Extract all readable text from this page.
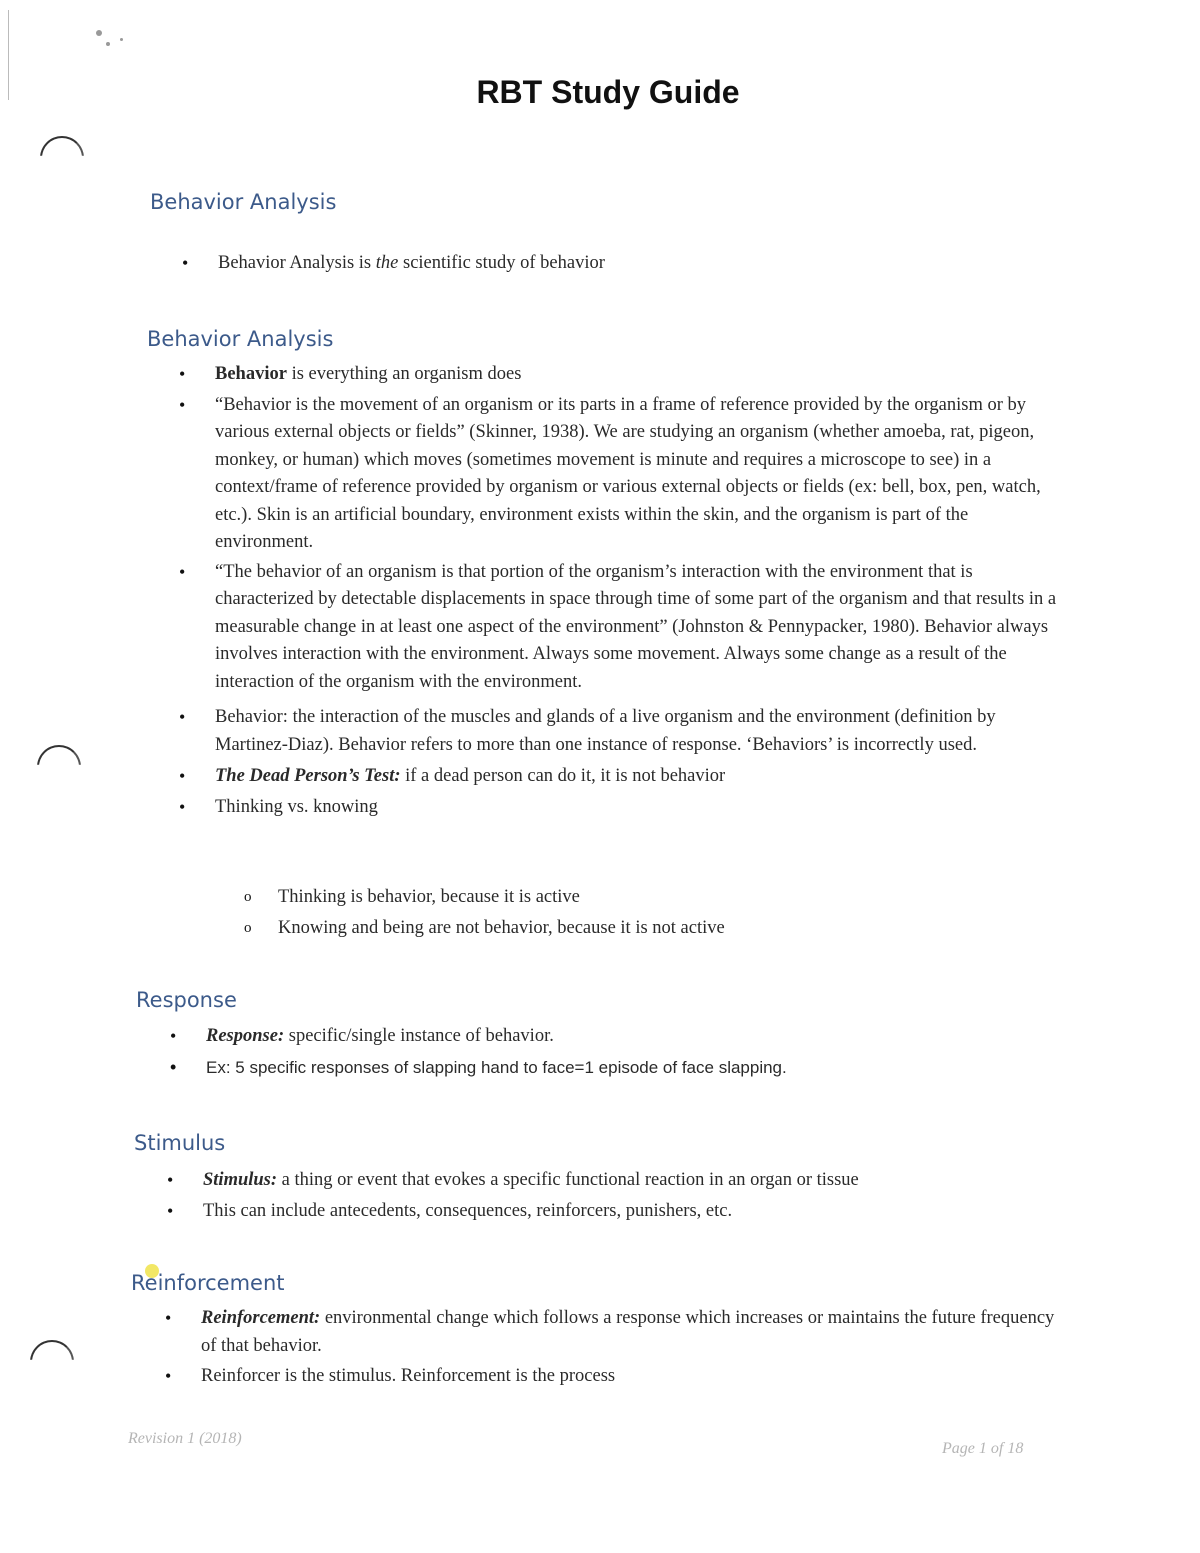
RBT Study Guide
Behavior Analysis
• Behavior Analysis is the scientific study of behavior
Behavior Analysis
• Behavior is everything an organism does
• “Behavior is the movement of an organism or its parts in a frame of reference provided by the organism or by various external objects or fields” (Skinner, 1938). We are studying an organism (whether amoeba, rat, pigeon, monkey, or human) which moves (sometimes movement is minute and requires a microscope to see) in a context/frame of reference provided by organism or various external objects or fields (ex: bell, box, pen, watch, etc.). Skin is an artificial boundary, environment exists within the skin, and the organism is part of the environment.
• “The behavior of an organism is that portion of the organism’s interaction with the environment that is characterized by detectable displacements in space through time of some part of the organism and that results in a measurable change in at least one aspect of the environment” (Johnston & Pennypacker, 1980). Behavior always involves interaction with the environment. Always some movement. Always some change as a result of the interaction of the organism with the environment.
• Behavior: the interaction of the muscles and glands of a live organism and the environment (definition by Martinez-Diaz). Behavior refers to more than one instance of response. ‘Behaviors’ is incorrectly used.
• The Dead Person’s Test: if a dead person can do it, it is not behavior
• Thinking vs. knowing
o Thinking is behavior, because it is active
o Knowing and being are not behavior, because it is not active
Response
• Response: specific/single instance of behavior.
• Ex: 5 specific responses of slapping hand to face=1 episode of face slapping.
Stimulus
• Stimulus: a thing or event that evokes a specific functional reaction in an organ or tissue
• This can include antecedents, consequences, reinforcers, punishers, etc.
Reinforcement
• Reinforcement: environmental change which follows a response which increases or maintains the future frequency of that behavior.
• Reinforcer is the stimulus. Reinforcement is the process
Revision 1 (2018)
Page 1 of 18
